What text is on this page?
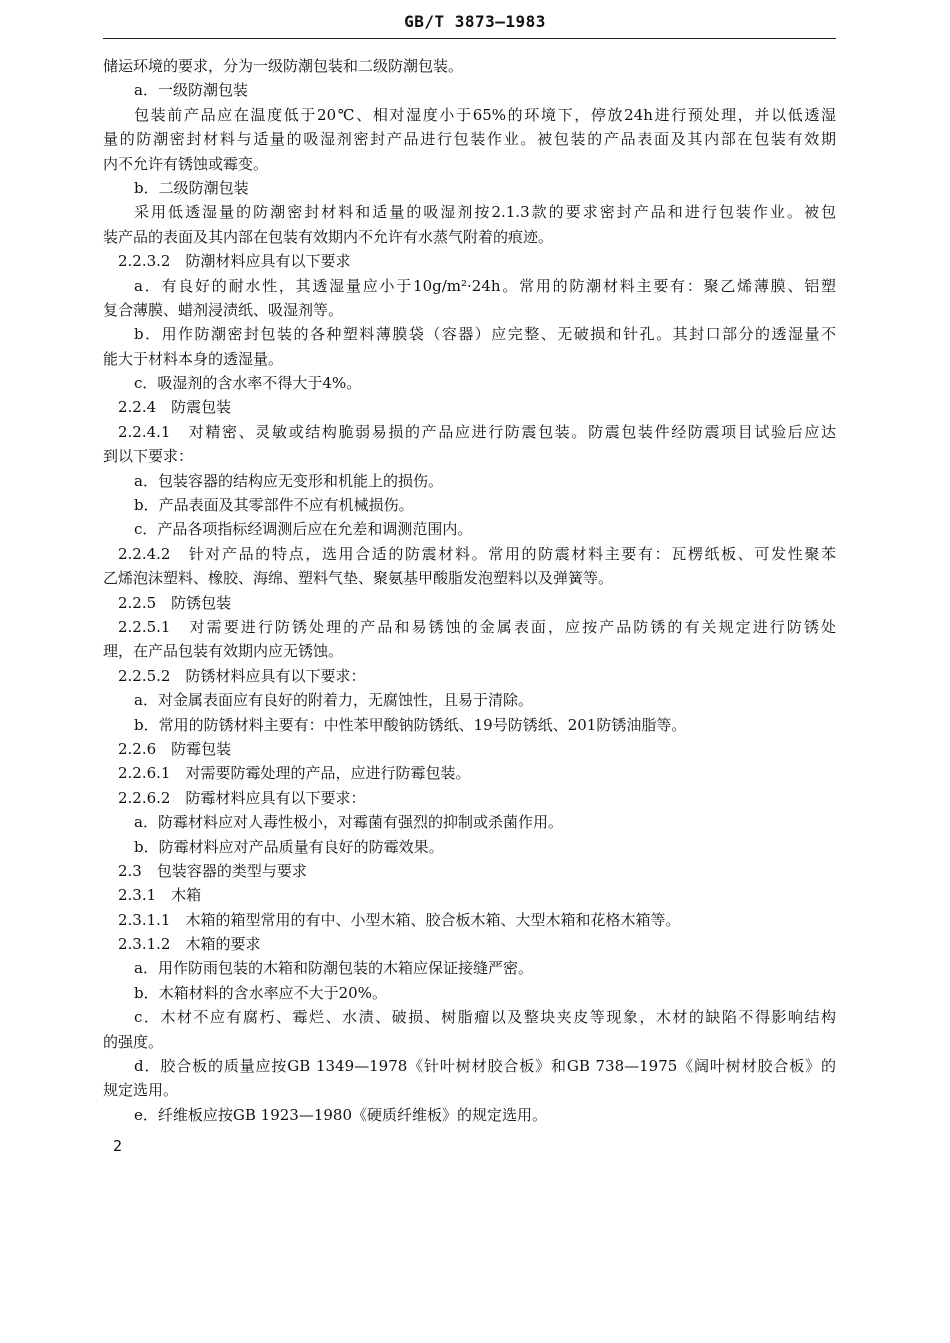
GB/T 3873—1983
储运环境的要求，分为一级防潮包装和二级防潮包装。
a．一级防潮包装
包装前产品应在温度低于20℃、相对湿度小于65%的环境下，停放24h进行预处理，并以低透湿
量的防潮密封材料与适量的吸湿剂密封产品进行包装作业。被包装的产品表面及其内部在包装有效期
内不允许有锈蚀或霉变。
b．二级防潮包装
采用低透湿量的防潮密封材料和适量的吸湿剂按2.1.3款的要求密封产品和进行包装作业。被包
装产品的表面及其内部在包装有效期内不允许有水蒸气附着的痕迹。
2.2.3.2　防潮材料应具有以下要求
a．有良好的耐水性，其透湿量应小于10g/m²·24h。常用的防潮材料主要有：聚乙烯薄膜、铝塑
复合薄膜、蜡剂浸渍纸、吸湿剂等。
b．用作防潮密封包装的各种塑料薄膜袋（容器）应完整、无破损和针孔。其封口部分的透湿量不
能大于材料本身的透湿量。
c．吸湿剂的含水率不得大于4%。
2.2.4　防震包装
2.2.4.1　对精密、灵敏或结构脆弱易损的产品应进行防震包装。防震包装件经防震项目试验后应达
到以下要求：
a．包装容器的结构应无变形和机能上的损伤。
b．产品表面及其零部件不应有机械损伤。
c．产品各项指标经调测后应在允差和调测范围内。
2.2.4.2　针对产品的特点，选用合适的防震材料。常用的防震材料主要有：瓦楞纸板、可发性聚苯
乙烯泡沫塑料、橡胶、海绵、塑料气垫、聚氨基甲酸脂发泡塑料以及弹簧等。
2.2.5　防锈包装
2.2.5.1　对需要进行防锈处理的产品和易锈蚀的金属表面，应按产品防锈的有关规定进行防锈处
理，在产品包装有效期内应无锈蚀。
2.2.5.2　防锈材料应具有以下要求：
a．对金属表面应有良好的附着力，无腐蚀性，且易于清除。
b．常用的防锈材料主要有：中性苯甲酸钠防锈纸、19号防锈纸、201防锈油脂等。
2.2.6　防霉包装
2.2.6.1　对需要防霉处理的产品，应进行防霉包装。
2.2.6.2　防霉材料应具有以下要求：
a．防霉材料应对人毒性极小，对霉菌有强烈的抑制或杀菌作用。
b．防霉材料应对产品质量有良好的防霉效果。
2.3　包装容器的类型与要求
2.3.1　木箱
2.3.1.1　木箱的箱型常用的有中、小型木箱、胶合板木箱、大型木箱和花格木箱等。
2.3.1.2　木箱的要求
a．用作防雨包装的木箱和防潮包装的木箱应保证接缝严密。
b．木箱材料的含水率应不大于20%。
c．木材不应有腐朽、霉烂、水渍、破损、树脂瘤以及整块夹皮等现象，木材的缺陷不得影响结构
的强度。
d．胶合板的质量应按GB 1349—1978《针叶树材胶合板》和GB 738—1975《阔叶树材胶合板》的
规定选用。
e．纤维板应按GB 1923—1980《硬质纤维板》的规定选用。
2
